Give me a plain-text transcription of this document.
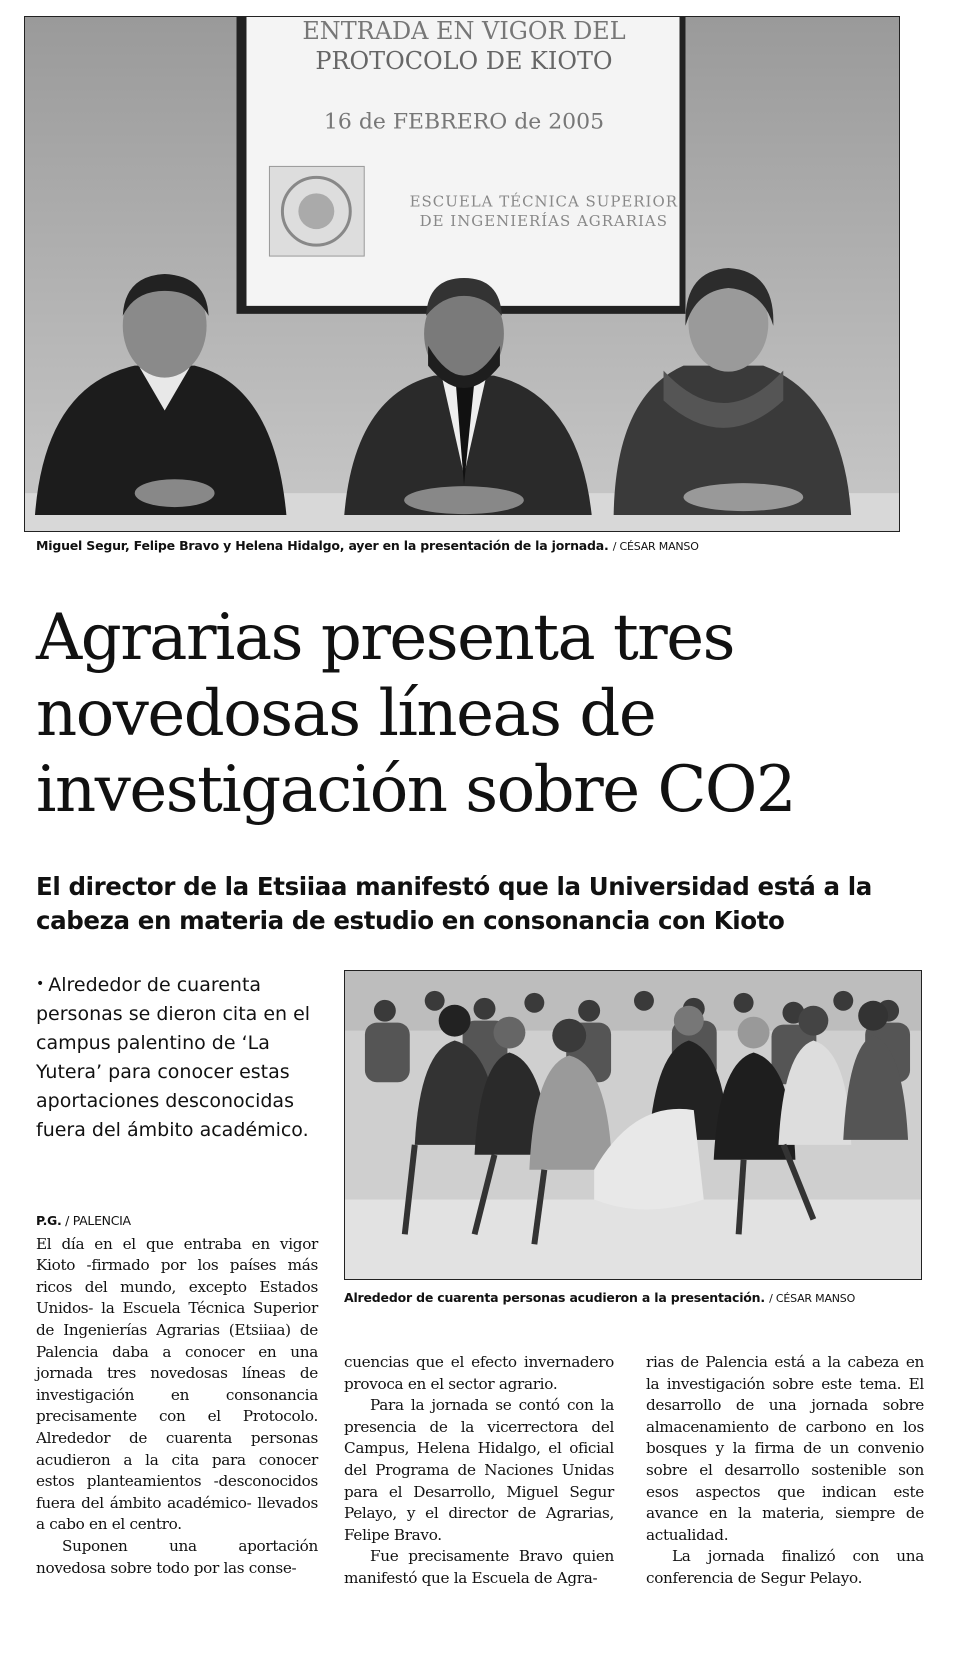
ENTRADA EN VIGOR DEL
PROTOCOLO DE KIOTO
16 de FEBRERO de 2005
ESCUELA TÉCNICA SUPERIOR
DE INGENIERÍAS AGRARIAS
Miguel Segur, Felipe Bravo y Helena Hidalgo, ayer en la presentación de la jornada. / CÉSAR MANSO
Agrarias presenta tres novedosas líneas de investigación sobre CO2
El director de la Etsiiaa manifestó que la Universidad está a la cabeza en materia de estudio en consonancia con Kioto
• Alrededor de cuarenta personas se dieron cita en el campus palentino de ‘La Yutera’ para conocer estas aportaciones desconocidas fuera del ámbito académico.
Alrededor de cuarenta personas acudieron a la presentación. / CÉSAR MANSO
P.G. / PALENCIA

El día en el que entraba en vigor Kioto -firmado por los países más ricos del mundo, excepto Estados Unidos- la Escuela Técnica Superior de Ingenierías Agrarias (Etsiiaa) de Palencia daba a conocer en una jornada tres novedosas líneas de investigación en consonancia precisamente con el Protocolo. Alrededor de cuarenta personas acudieron a la cita para conocer estos planteamientos -desconocidos fuera del ámbito académico- llevados a cabo en el centro.

Suponen una aportación novedosa sobre todo por las conse-

cuencias que el efecto invernadero provoca en el sector agrario.

Para la jornada se contó con la presencia de la vicerrectora del Campus, Helena Hidalgo, el oficial del Programa de Naciones Unidas para el Desarrollo, Miguel Segur Pelayo, y el director de Agrarias, Felipe Bravo.

Fue precisamente Bravo quien manifestó que la Escuela de Agra-

rias de Palencia está a la cabeza en la investigación sobre este tema. El desarrollo de una jornada sobre almacenamiento de carbono en los bosques y la firma de un convenio sobre el desarrollo sostenible son esos aspectos que indican este avance en la materia, siempre de actualidad.

La jornada finalizó con una conferencia de Segur Pelayo.
